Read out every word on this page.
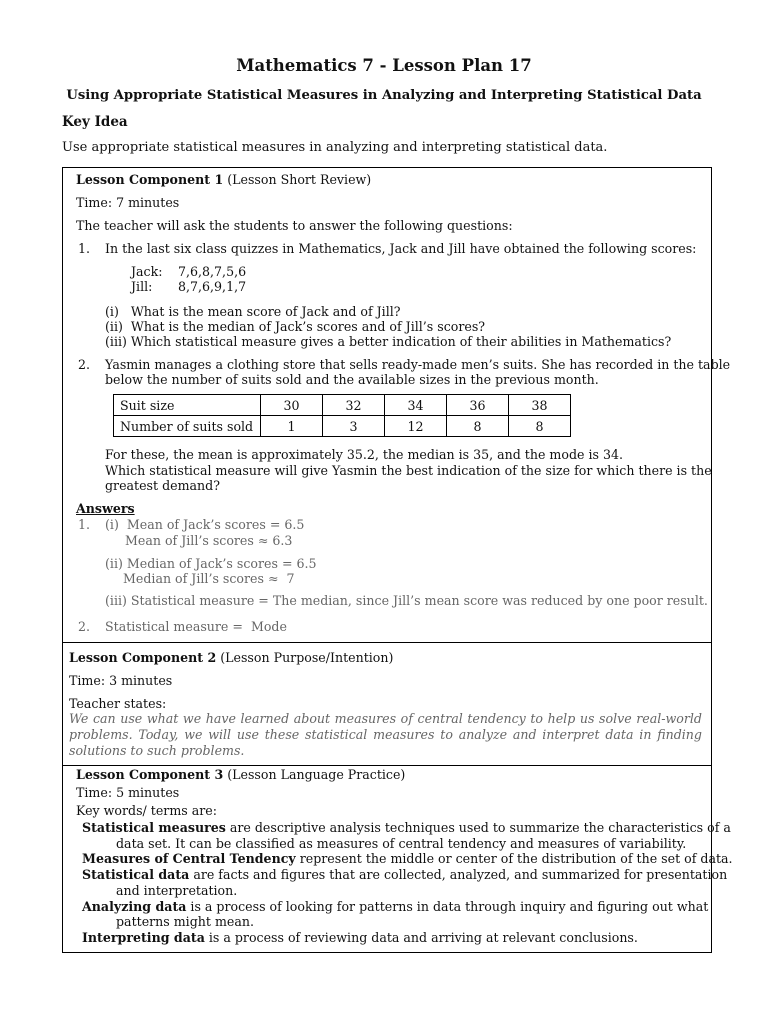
Mathematics 7 - Lesson Plan 17
Using Appropriate Statistical Measures in Analyzing and Interpreting Statistical Data
Key Idea
Use appropriate statistical measures in analyzing and interpreting statistical data.
Lesson Component 1 (Lesson Short Review)
Time: 7 minutes
The teacher will ask the students to answer the following questions:
1. In the last six class quizzes in Mathematics, Jack and Jill have obtained the following scores:
Jack: 7,6,8,7,5,6
Jill: 8,7,6,9,1,7
(i)   What is the mean score of Jack and of Jill?
(ii)  What is the median of Jack’s scores and of Jill’s scores?
(iii) Which statistical measure gives a better indication of their abilities in Mathematics?
2. Yasmin manages a clothing store that sells ready-made men’s suits. She has recorded in the table
below the number of suits sold and the available sizes in the previous month.
Suit size	30	32	34	36	38
Number of suits sold	1	3	12	8	8
For these, the mean is approximately 35.2, the median is 35, and the mode is 34.
Which statistical measure will give Yasmin the best indication of the size for which there is the
greatest demand?
Answers
1. (i)  Mean of Jack’s scores = 6.5
Mean of Jill’s scores ≈ 6.3
(ii) Median of Jack’s scores = 6.5
Median of Jill’s scores ≈  7
(iii) Statistical measure = The median, since Jill’s mean score was reduced by one poor result.
2. Statistical measure =  Mode
Lesson Component 2 (Lesson Purpose/Intention)
Time: 3 minutes
Teacher states:
We can use what we have learned about measures of central tendency to help us solve real-world problems. Today, we will use these statistical measures to analyze and interpret data in finding solutions to such problems.
Lesson Component 3 (Lesson Language Practice)
Time: 5 minutes
Key words/ terms are:
Statistical measures are descriptive analysis techniques used to summarize the characteristics of a
data set. It can be classified as measures of central tendency and measures of variability.
Measures of Central Tendency represent the middle or center of the distribution of the set of data.
Statistical data are facts and figures that are collected, analyzed, and summarized for presentation
and interpretation.
Analyzing data is a process of looking for patterns in data through inquiry and figuring out what
patterns might mean.
Interpreting data is a process of reviewing data and arriving at relevant conclusions.
